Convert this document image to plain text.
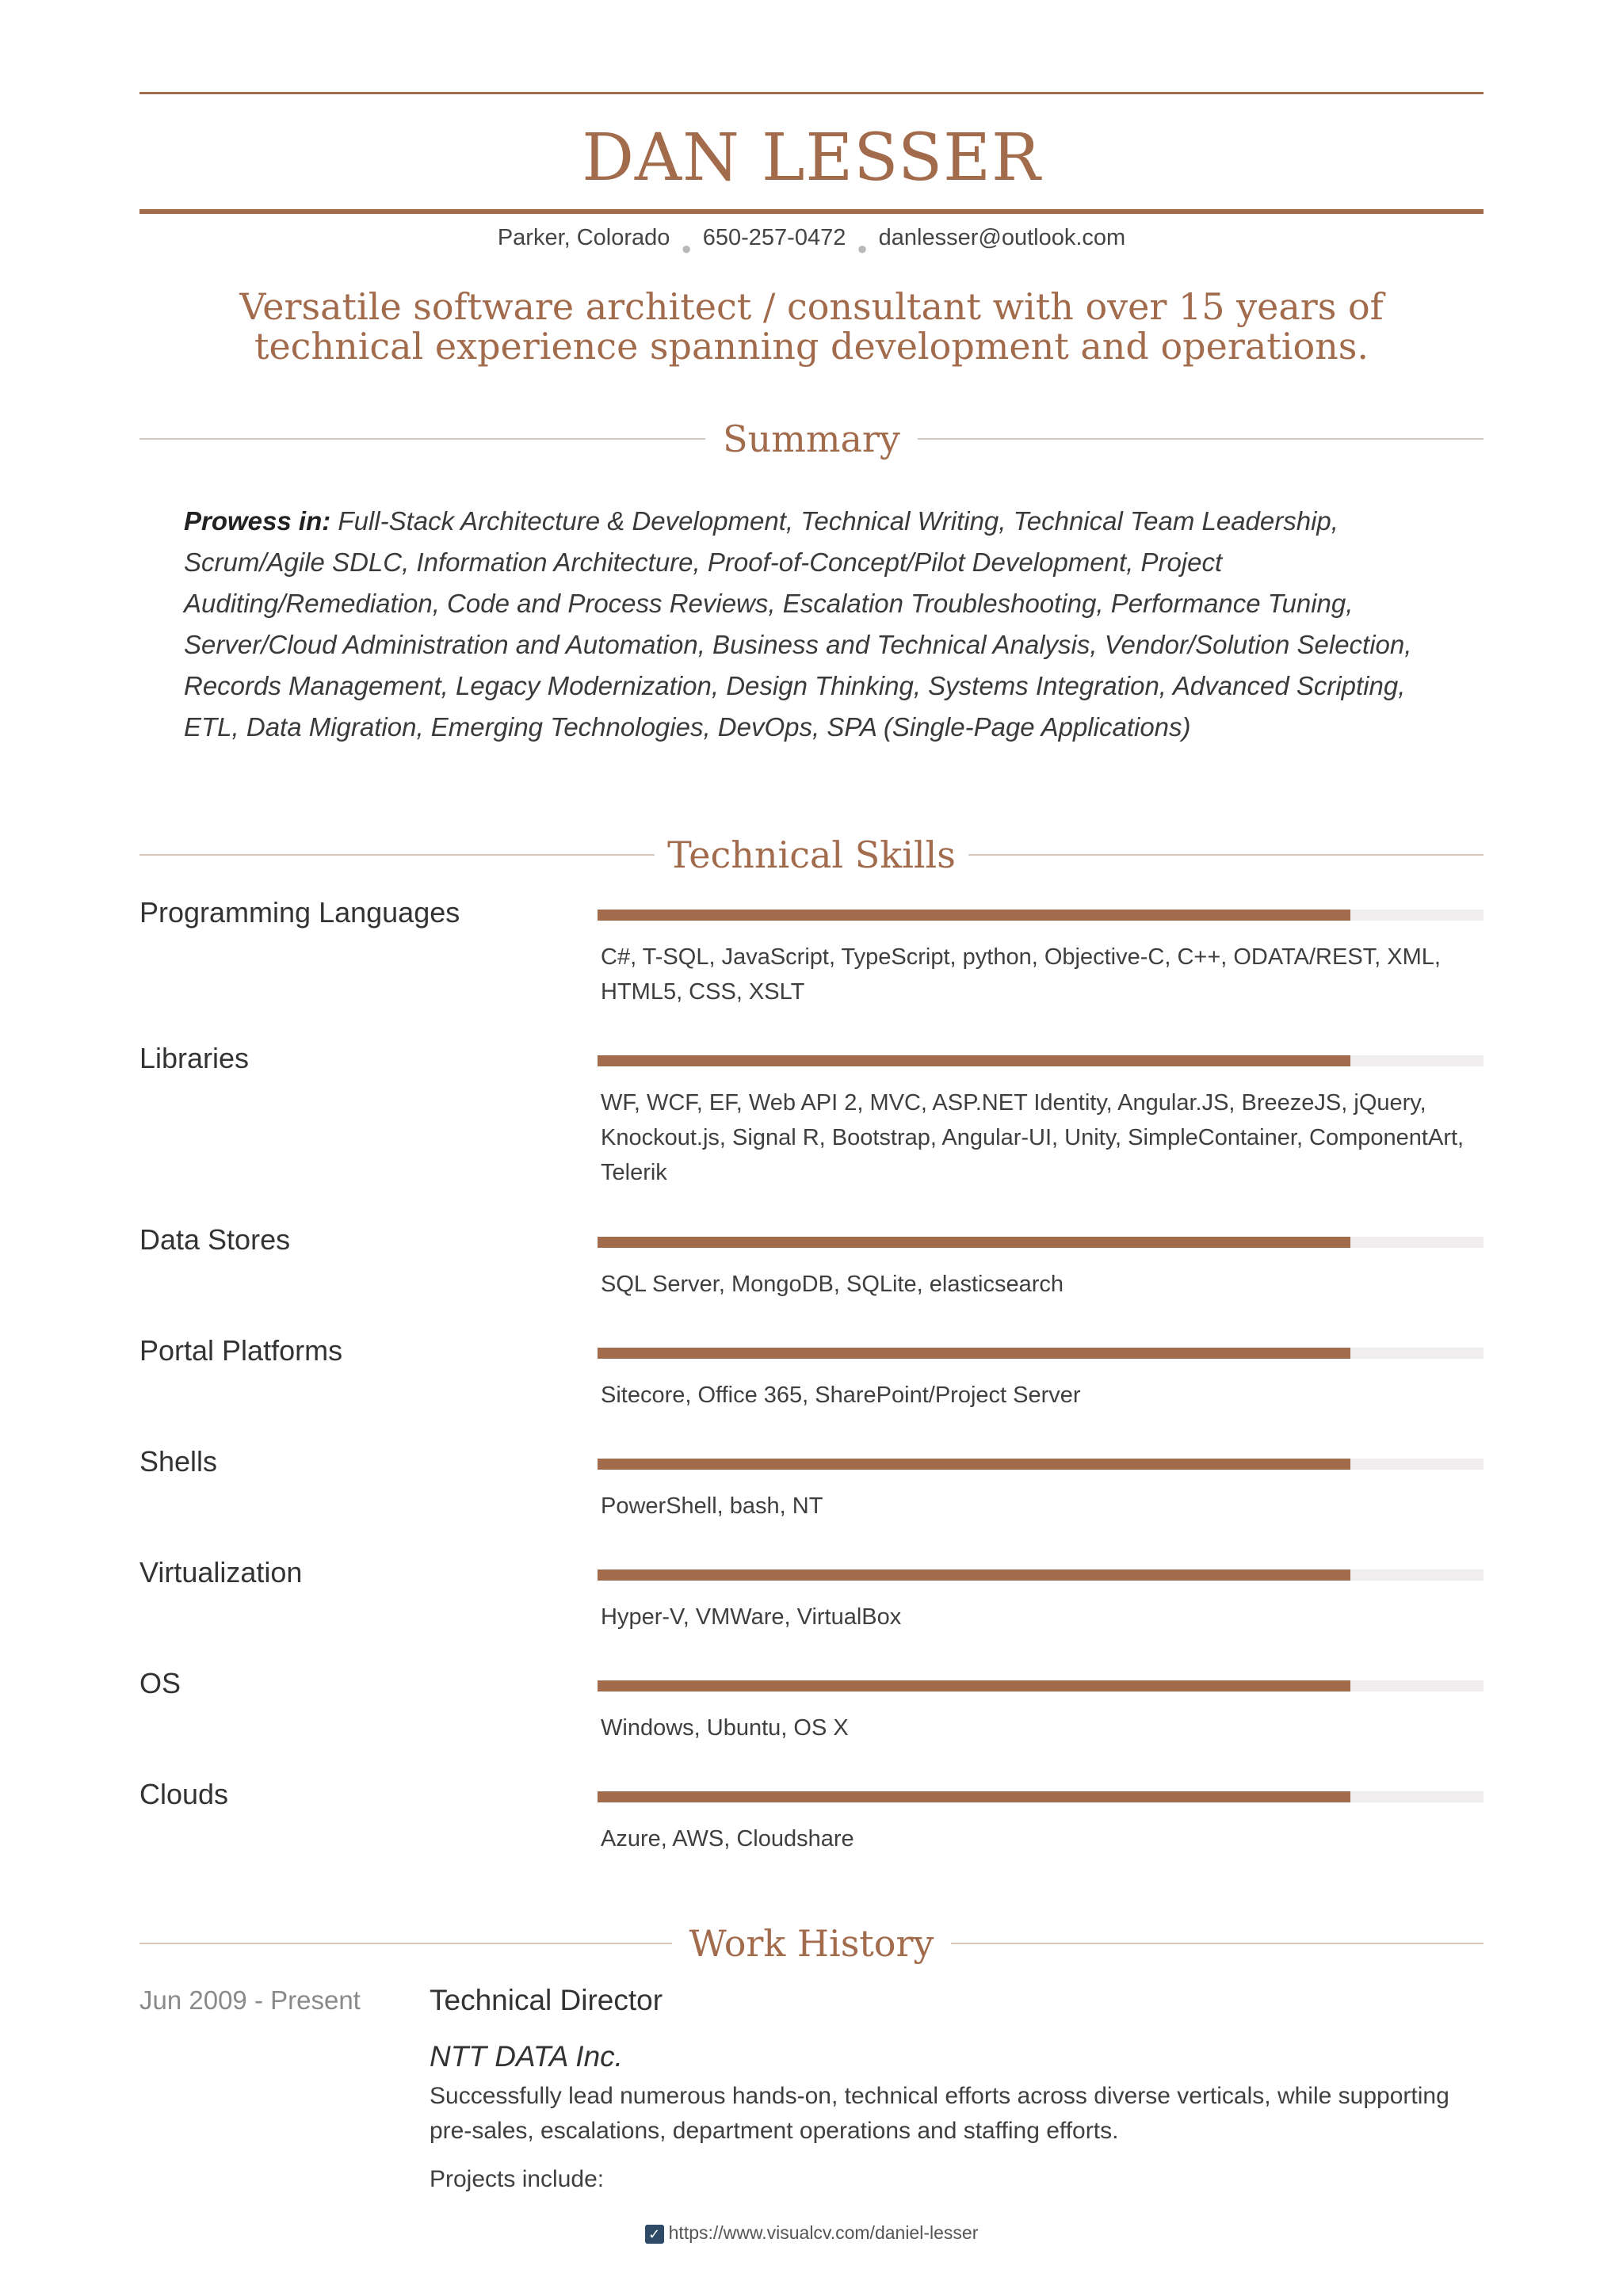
DAN LESSER
Parker, Colorado $_●$ 650-257-0472 $_●$ danlesser@outlook.com
Versatile software architect / consultant with over 15 years of technical experience spanning development and operations.
Summary
Prowess in: Full-Stack Architecture & Development, Technical Writing, Technical Team Leadership, Scrum/Agile SDLC, Information Architecture, Proof-of-Concept/Pilot Development, Project Auditing/Remediation, Code and Process Reviews, Escalation Troubleshooting, Performance Tuning, Server/Cloud Administration and Automation, Business and Technical Analysis, Vendor/Solution Selection, Records Management, Legacy Modernization, Design Thinking, Systems Integration, Advanced Scripting, ETL, Data Migration, Emerging Technologies, DevOps, SPA (Single-Page Applications)
Technical Skills
Programming Languages
C#, T-SQL, JavaScript, TypeScript, python, Objective-C, C++, ODATA/REST, XML, HTML5, CSS, XSLT
Libraries
WF, WCF, EF, Web API 2, MVC, ASP.NET Identity, Angular.JS, BreezeJS, jQuery, Knockout.js, Signal R, Bootstrap, Angular-UI, Unity, SimpleContainer, ComponentArt, Telerik
Data Stores
SQL Server, MongoDB, SQLite, elasticsearch
Portal Platforms
Sitecore, Office 365, SharePoint/Project Server
Shells
PowerShell, bash, NT
Virtualization
Hyper-V, VMWare, VirtualBox
OS
Windows, Ubuntu, OS X
Clouds
Azure, AWS, Cloudshare
Work History
Jun 2009 - Present Technical Director
NTT DATA Inc.
Successfully lead numerous hands-on, technical efforts across diverse verticals, while supporting pre-sales, escalations, department operations and staffing efforts.
Projects include:
✓ https://www.visualcv.com/daniel-lesser
